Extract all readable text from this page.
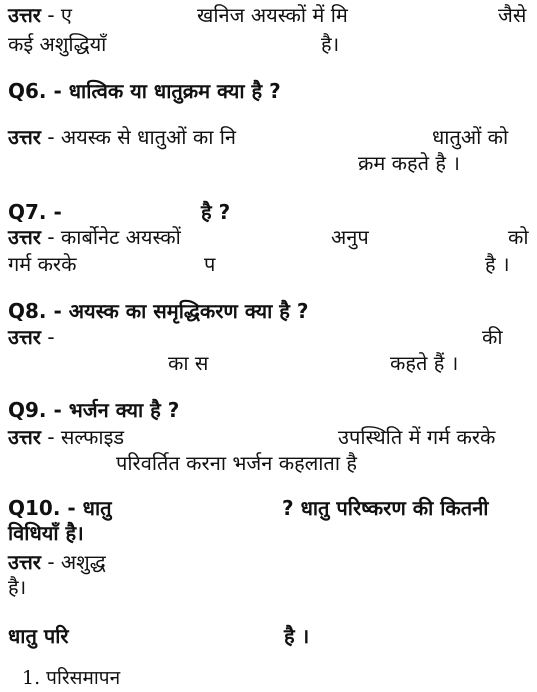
उत्तर - ए	खनिज अयस्कों में मि	जैसे
कई अशुद्धियाँ	है।
Q6. - धात्विक या धातुक्रम क्या है ?
उत्तर - अयस्क से धातुओं का नि	धातुओं को
क्रम कहते है ।
Q7. -	है ?
उत्तर - कार्बोनेट अयस्कों	अनुप	को
गर्म करके	प	है ।
Q8. - अयस्क का समृद्धिकरण क्या है ?
उत्तर -	की
का स	कहते हैं ।
Q9. - भर्जन क्या है ?
उत्तर - सल्फाइड	उपस्थिति में गर्म करके
परिवर्तित करना भर्जन कहलाता है
Q10. - धातु	? धातु परिष्करण की कितनी
विधियाँ है।
उत्तर - अशुद्ध
है।
धातु परि	है ।
1. परिसमापन
